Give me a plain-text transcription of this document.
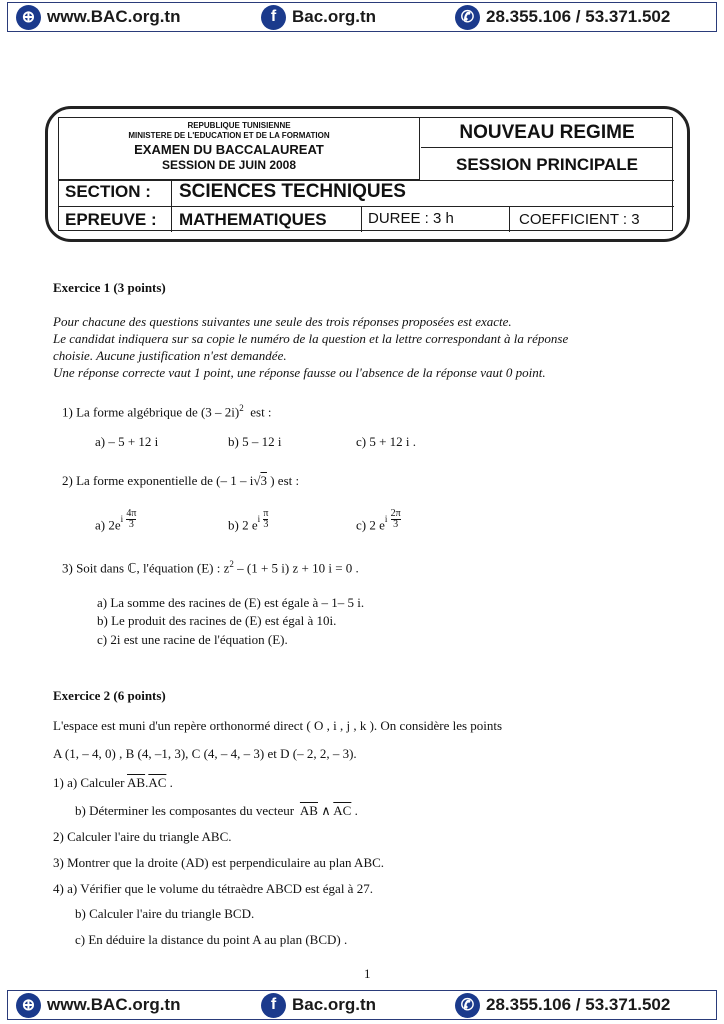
⊕ www.BAC.org.tn	f Bac.org.tn	✆ 28.355.106 / 53.371.502
REPUBLIQUE TUNISIENNE
MINISTERE DE L'EDUCATION ET DE LA FORMATION
EXAMEN DU BACCALAUREAT
SESSION DE JUIN 2008
NOUVEAU REGIME
SESSION PRINCIPALE
SECTION : SCIENCES TECHNIQUES
EPREUVE : MATHEMATIQUES	DUREE : 3 h	COEFFICIENT : 3
Exercice 1 (3 points)
Pour chacune des questions suivantes une seule des trois réponses proposées est exacte.
Le candidat indiquera sur sa copie le numéro de la question et la lettre correspondant à la réponse
choisie. Aucune justification n'est demandée.
Une réponse correcte vaut 1 point, une réponse fausse ou l'absence de la réponse vaut 0 point.
1) La forme algébrique de (3 – 2i)$^2$ est :
a) – 5 + 12 i	b) 5 – 12 i	c) 5 + 12 i .
2) La forme exponentielle de (– 1 – i√3 ) est :
a) $2e^{i \frac{4\pi}{3}}$	b) 2 $e^{i \frac{\pi}{3}}$	c) 2 $e^{i \frac{2\pi}{3}}$
3) Soit dans ℂ, l'équation (E) : $z^2 - (1 + 5$ i) z + 10 i = 0 .
a) La somme des racines de (E) est égale à – 1– 5 i.
b) Le produit des racines de (E) est égal à 10i.
c) 2i est une racine de l'équation (E).
Exercice 2 (6 points)
L'espace est muni d'un repère orthonormé direct ( O , i , j , k ). On considère les points
A (1, – 4, 0) , B (4, –1, 3), C (4, – 4, – 3) et D (– 2, 2, – 3).
1) a) Calculer $\overline{AB}.\overline{AC}$ .
b) Déterminer les composantes du vecteur $\overline{AB}$ ∧ $\overline{AC}$ .
2) Calculer l'aire du triangle ABC.
3) Montrer que la droite (AD) est perpendiculaire au plan ABC.
4) a) Vérifier que le volume du tétraèdre ABCD est égal à 27.
b) Calculer l'aire du triangle BCD.
c) En déduire la distance du point A au plan (BCD) .
1
⊕ www.BAC.org.tn	f Bac.org.tn	✆ 28.355.106 / 53.371.502
